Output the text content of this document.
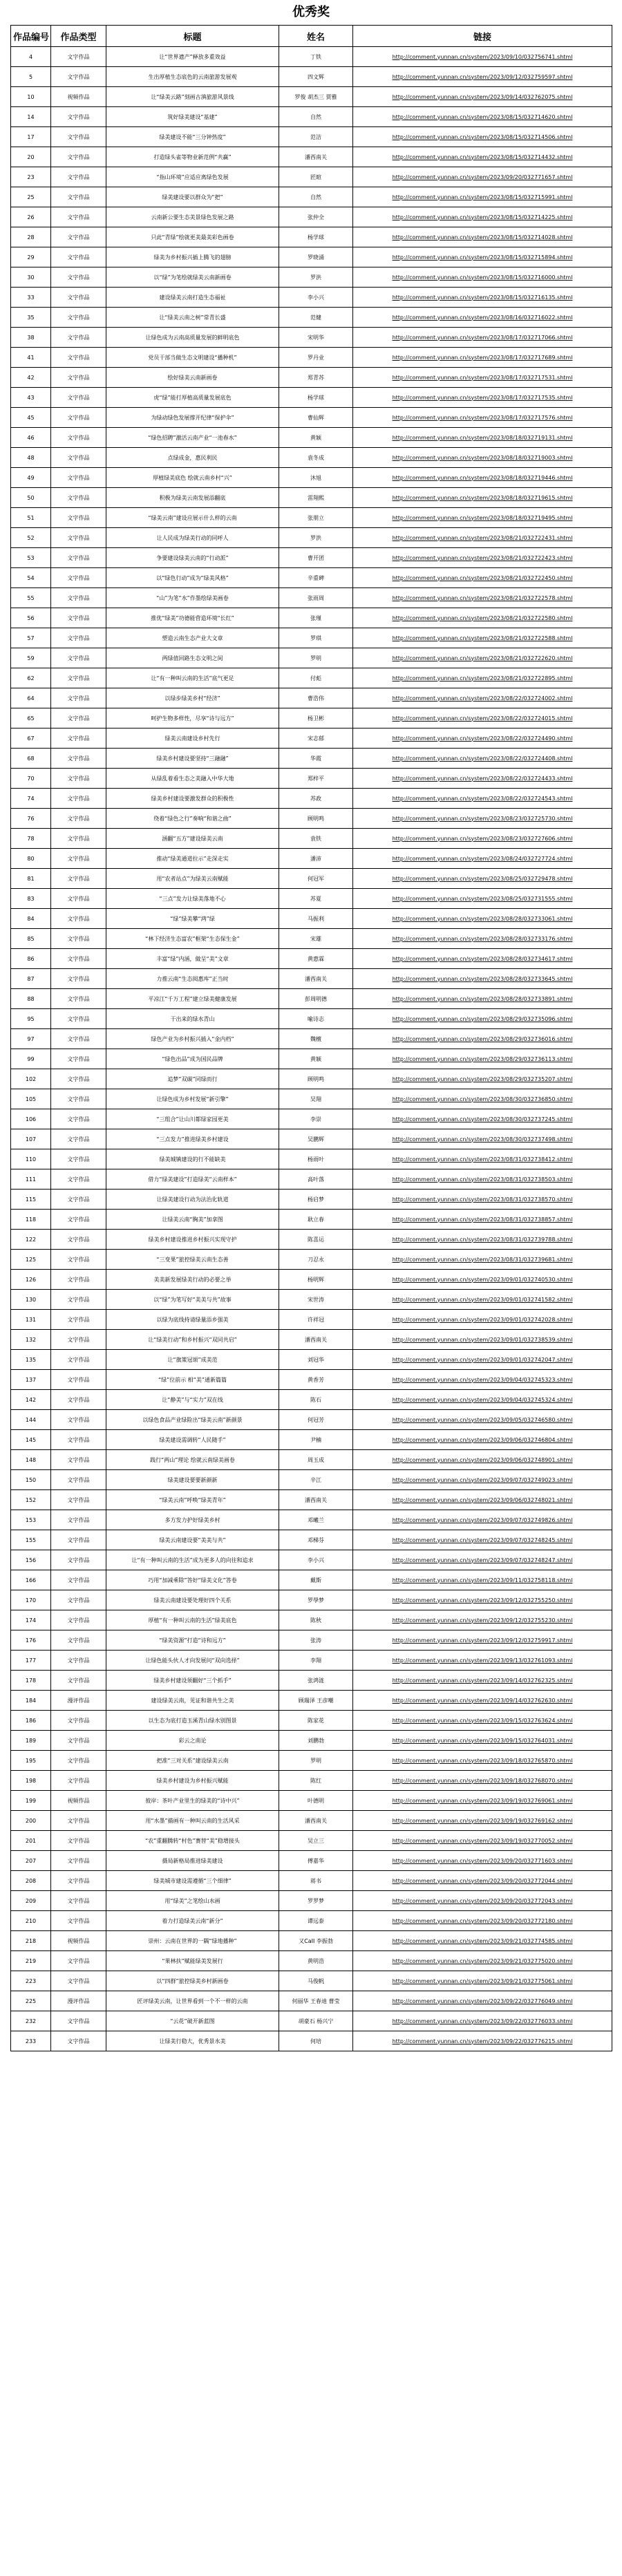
优秀奖
作品编号	作品类型	标题	姓名	链接
4	文字作品	让“世界遗产”释放多重效益	丁铁	http://comment.yunnan.cn/system/2023/09/10/032756741.shtml
5	文字作品	生出厚植生态底色的云南旅游发展观	四文辉	http://comment.yunnan.cn/system/2023/09/12/032759597.shtml
10	视频作品	让“绿美云路”刻画古滇旅游风景线	罗俊 胡杰三 贾雅	http://comment.yunnan.cn/system/2023/09/14/032762075.shtml
14	文字作品	筑好绿美建设“基建”	自然	http://comment.yunnan.cn/system/2023/08/15/032714620.shtml
17	文字作品	绿美建设不能“三分钟热度”	范洁	http://comment.yunnan.cn/system/2023/08/15/032714506.shtml
20	文字作品	打造绿头雀等物业新范例“共赢”	潘西南关	http://comment.yunnan.cn/system/2023/08/15/032714432.shtml
23	文字作品	“指山环境”应适应离绿色发展	匠暄	http://comment.yunnan.cn/system/2023/09/20/032771657.shtml
25	文字作品	绿美建设要以群众为“把”	自然	http://comment.yunnan.cn/system/2023/08/15/032715991.shtml
26	文字作品	云南新公要生态美景绿色发展之路	张仲全	http://comment.yunnan.cn/system/2023/08/15/032714225.shtml
28	文字作品	只此“青绿”绘就更美最美彩色画卷	杨学球	http://comment.yunnan.cn/system/2023/08/15/032714028.shtml
29	文字作品	绿美为乡村振兴插上腾飞的翅膀	罗晓涌	http://comment.yunnan.cn/system/2023/08/15/032715894.shtml
30	文字作品	以“绿”为笔绘就绿美云南新画卷	罗洪	http://comment.yunnan.cn/system/2023/08/15/032716000.shtml
33	文字作品	建设绿美云南打造生态福祉	李小兴	http://comment.yunnan.cn/system/2023/08/15/032716135.shtml
35	文字作品	让“绿美云南之树”常青长盛	范健	http://comment.yunnan.cn/system/2023/08/16/032716022.shtml
38	文字作品	让绿色成为云南高质量发展的鲜明底色	宋明华	http://comment.yunnan.cn/system/2023/08/17/032717066.shtml
41	文字作品	党员干部当做生态文明建设“播种机”	罗丹业	http://comment.yunnan.cn/system/2023/08/17/032717689.shtml
42	文字作品	绘好绿美云南新画卷	郑青苏	http://comment.yunnan.cn/system/2023/08/17/032717531.shtml
43	文字作品	虎“绿”能打厚植高质量发展底色	杨学球	http://comment.yunnan.cn/system/2023/08/17/032717535.shtml
45	文字作品	为绿动绿色发展撑开纪律“保护伞”	曹仙辉	http://comment.yunnan.cn/system/2023/08/17/032717576.shtml
46	文字作品	“绿色招聘”激活云南产业“一池春水”	黄颖	http://comment.yunnan.cn/system/2023/08/18/032719131.shtml
48	文字作品	点绿成金，惠民利民	袁冬成	http://comment.yunnan.cn/system/2023/08/18/032719003.shtml
49	文字作品	厚植绿美底色 绘就云南乡村“兴”	沐旭	http://comment.yunnan.cn/system/2023/08/18/032719446.shtml
50	文字作品	积极为绿美云南发展添翻底	雷翔熙	http://comment.yunnan.cn/system/2023/08/18/032719615.shtml
51	文字作品	“绿美云南”建设应展示什么样的云南	张朋立	http://comment.yunnan.cn/system/2023/08/18/032719495.shtml
52	文字作品	让人民成为绿美行动的同呼人	罗洪	http://comment.yunnan.cn/system/2023/08/21/032722431.shtml
53	文字作品	争要建设绿美云南的“行动派”	曹开团	http://comment.yunnan.cn/system/2023/08/21/032722423.shtml
54	文字作品	以“绿色行动”成为“绿美风格”	辛重碑	http://comment.yunnan.cn/system/2023/08/21/032722450.shtml
55	文字作品	“山”为笔“水”作墨绘绿美画卷	张雨周	http://comment.yunnan.cn/system/2023/08/21/032722578.shtml
56	文字作品	推优“绿美”功德能营造环境“长红”	张瑾	http://comment.yunnan.cn/system/2023/08/21/032722580.shtml
57	文字作品	塑造云南生态产业大文章	罗琪	http://comment.yunnan.cn/system/2023/08/21/032722588.shtml
59	文字作品	两绿值回路生态文明之间	罗明	http://comment.yunnan.cn/system/2023/08/21/032722620.shtml
62	文字作品	让“有一种叫云南的生活”底气更足	付彪	http://comment.yunnan.cn/system/2023/08/21/032722895.shtml
64	文字作品	以绿步绿美乡村“经济”	曹浩伟	http://comment.yunnan.cn/system/2023/08/22/032724002.shtml
65	文字作品	呵护生物多样性，尽享“诗与远方”	杨卫彬	http://comment.yunnan.cn/system/2023/08/22/032724015.shtml
67	文字作品	绿美云南建设乡村先行	宋志郁	http://comment.yunnan.cn/system/2023/08/22/032724490.shtml
68	文字作品	绿美乡村建设要坚持“三融融”	华霞	http://comment.yunnan.cn/system/2023/08/22/032724408.shtml
70	文字作品	从绿乱着看生态之美融入中华大地	郑梓平	http://comment.yunnan.cn/system/2023/08/22/032724433.shtml
74	文字作品	绿美乡村建设要激发群众的积极性	苏政	http://comment.yunnan.cn/system/2023/08/22/032724543.shtml
76	文字作品	绕着“绿色之行”奏响“和谐之曲”	顾明鸣	http://comment.yunnan.cn/system/2023/08/23/032725730.shtml
78	文字作品	涵翻“五方”建设绿美云南	袁铁	http://comment.yunnan.cn/system/2023/08/23/032727606.shtml
80	文字作品	推动“绿美通道拉示”走深走实	潘沛	http://comment.yunnan.cn/system/2023/08/24/032727724.shtml
81	文字作品	用“农者站点”为绿美云南赋能	何冠军	http://comment.yunnan.cn/system/2023/08/25/032729478.shtml
83	文字作品	“三点”发力让绿美落地不心	苏夏	http://comment.yunnan.cn/system/2023/08/25/032731555.shtml
84	文字作品	“绿”绿美攀“鸿”绿	马振利	http://comment.yunnan.cn/system/2023/08/28/032733061.shtml
85	文字作品	“林下经济生态富农”框架“生态保生金”	宋雄	http://comment.yunnan.cn/system/2023/08/28/032733176.shtml
86	文字作品	丰富“绿”内涵，做呈“美”文章	黄惠霖	http://comment.yunnan.cn/system/2023/08/28/032734617.shtml
87	文字作品	力推云南“生态阅惠库”正当时	潘西南关	http://comment.yunnan.cn/system/2023/08/28/032733645.shtml
88	文字作品	平凉江“千万工程”建立绿美健康发展	彭周明德	http://comment.yunnan.cn/system/2023/08/28/032733891.shtml
95	文字作品	干出来的绿水青山	喻诗志	http://comment.yunnan.cn/system/2023/08/29/032735096.shtml
97	文字作品	绿色产业为乡村振兴插入“金内档”	魏檀	http://comment.yunnan.cn/system/2023/08/29/032736016.shtml
99	文字作品	“绿色出品”成为国民品牌	黄颖	http://comment.yunnan.cn/system/2023/08/29/032736113.shtml
102	文字作品	追梦“双碳”同绿而行	顾明鸣	http://comment.yunnan.cn/system/2023/08/29/032735207.shtml
105	文字作品	让绿色成为乡村发展“新引擎”	吴翔	http://comment.yunnan.cn/system/2023/08/30/032736850.shtml
106	文字作品	“三组合”让山川都绿家园更美	李崇	http://comment.yunnan.cn/system/2023/08/30/032737245.shtml
107	文字作品	“三点发力”推进绿美乡村建设	吴鹏辉	http://comment.yunnan.cn/system/2023/08/30/032737498.shtml
110	文字作品	绿美城镇建设的行不能缺美	杨雨叶	http://comment.yunnan.cn/system/2023/08/31/032738412.shtml
111	文字作品	借力“绿美建设”打造绿美“云南样本”	高叶落	http://comment.yunnan.cn/system/2023/08/31/032738503.shtml
115	文字作品	让绿美建设行动为法治化轨道	杨启梦	http://comment.yunnan.cn/system/2023/08/31/032738570.shtml
118	文字作品	让绿美云南“胸美”加拿图	耿立春	http://comment.yunnan.cn/system/2023/08/31/032738857.shtml
122	文字作品	绿美乡村建设推进乡村振兴实现守护	陈喜运	http://comment.yunnan.cn/system/2023/08/31/032739788.shtml
125	文字作品	“三变果”旅控绿美云南生态善	刀忍永	http://comment.yunnan.cn/system/2023/08/31/032739681.shtml
126	文字作品	美美新发展绿美行动的必要之举	杨明辉	http://comment.yunnan.cn/system/2023/09/01/032740530.shtml
130	文字作品	以“绿”为笔写好“美美与共”故事	宋世涛	http://comment.yunnan.cn/system/2023/09/01/032741582.shtml
131	文字作品	以绿为底线持请绿量添乡强美	许祥冠	http://comment.yunnan.cn/system/2023/09/01/032742028.shtml
132	文字作品	让“绿美行动”和乡村振兴“双同共启”	潘西南关	http://comment.yunnan.cn/system/2023/09/01/032738539.shtml
135	文字作品	让“旗策冠颂”成美范	刘冠华	http://comment.yunnan.cn/system/2023/09/01/032742047.shtml
137	文字作品	“绿”位前示 相“美”通新篇篇	黄香芳	http://comment.yunnan.cn/system/2023/09/04/032745323.shtml
142	文字作品	让“静美”与“实力”双在线	陈石	http://comment.yunnan.cn/system/2023/09/04/032745324.shtml
144	文字作品	以绿色食品产业绿险出“绿美云南”新颜景	何冠芳	http://comment.yunnan.cn/system/2023/09/05/032746580.shtml
145	文字作品	绿美建设需调转“人民随手”	尹楠	http://comment.yunnan.cn/system/2023/09/06/032746804.shtml
148	文字作品	践行“两山”理论 绘就云南绿美画卷	周玉成	http://comment.yunnan.cn/system/2023/09/06/032748901.shtml
150	文字作品	绿美建设要要新颜新	辛江	http://comment.yunnan.cn/system/2023/09/07/032749023.shtml
152	文字作品	“绿美云南”呼唤“绿美青年”	潘西南关	http://comment.yunnan.cn/system/2023/09/06/032748021.shtml
153	文字作品	多方发力护好绿美乡村	邓曦兰	http://comment.yunnan.cn/system/2023/09/07/032749826.shtml
155	文字作品	绿美云南建设要“美美与共”	邓梯芬	http://comment.yunnan.cn/system/2023/09/07/032748245.shtml
156	文字作品	让“有一种叫云南的生活”成为更多人的向往和追求	李小兴	http://comment.yunnan.cn/system/2023/09/07/032748247.shtml
166	文字作品	巧用“加减乘除”答好“绿美文化”答卷	戴斯	http://comment.yunnan.cn/system/2023/09/11/032758118.shtml
170	文字作品	绿美云南建设要处理好四个关系	罗學梦	http://comment.yunnan.cn/system/2023/09/12/032755250.shtml
174	文字作品	厚植“有一种叫云南的生活”绿美底色	陈秋	http://comment.yunnan.cn/system/2023/09/12/032755230.shtml
176	文字作品	“绿美资源”打造“诗和远方”	张涛	http://comment.yunnan.cn/system/2023/09/12/032759917.shtml
177	文字作品	让绿色能头伙人才向发展问“双向选择”	李翔	http://comment.yunnan.cn/system/2023/09/13/032761093.shtml
178	文字作品	绿美乡村建设须翻好“三个抓手”	张鸿涟	http://comment.yunnan.cn/system/2023/09/14/032762325.shtml
184	漫评作品	建设绿美云南，见证和谐共生之美	顾瑞泽 王彦嘲	http://comment.yunnan.cn/system/2023/09/14/032762630.shtml
186	文字作品	以生态为底打造玉溪青山绿水别图景	陈家花	http://comment.yunnan.cn/system/2023/09/15/032763624.shtml
189	文字作品	彩云之南论	刘鹏勃	http://comment.yunnan.cn/system/2023/09/15/032764031.shtml
195	文字作品	把准“三对关系”建设绿美云南	罗明	http://comment.yunnan.cn/system/2023/09/18/032765870.shtml
198	文字作品	绿美乡村建设为乡村振兴赋能	陈红	http://comment.yunnan.cn/system/2023/09/18/032768070.shtml
199	视频作品	彼岸：茶叶产业里生的绿美的“诗中兴”	叶德明	http://comment.yunnan.cn/system/2023/09/19/032769061.shtml
200	文字作品	用“水墨”描画有一种叫云南的生活风采	潘西南关	http://comment.yunnan.cn/system/2023/09/19/032769162.shtml
201	文字作品	“农”重翻腾转“村色”赛替“美”稳增接头	吴立三	http://comment.yunnan.cn/system/2023/09/19/032770052.shtml
207	文字作品	摄局新格局推进绿美建设	傅嘉华	http://comment.yunnan.cn/system/2023/09/20/032771603.shtml
208	文字作品	绿美城市建设需遵循“三个细律”	蒋书	http://comment.yunnan.cn/system/2023/09/20/032772044.shtml
209	文字作品	用“绿美”之笔绘山水画	罗罗梦	http://comment.yunnan.cn/system/2023/09/20/032772043.shtml
210	文字作品	着力打造绿美云南“新分”	谭远泰	http://comment.yunnan.cn/system/2023/09/20/032772180.shtml
218	视频作品	崇州：云南在世界的一隅“绿地播种”	又CaII 李振勃	http://comment.yunnan.cn/system/2023/09/21/032774585.shtml
219	文字作品	“果林扶”赋能绿美发展行	黄明浩	http://comment.yunnan.cn/system/2023/09/21/032775020.shtml
223	文字作品	以“四群”旅控绿美乡村新画卷	马俊帆	http://comment.yunnan.cn/system/2023/09/21/032775061.shtml
225	漫评作品	匠评绿美云南，让世界看到一个不一样的云南	何丽华 王春迪 曹莹	http://comment.yunnan.cn/system/2023/09/22/032776049.shtml
232	文字作品	“云花”破开新蓝图	胡豪石 杨兴宁	http://comment.yunnan.cn/system/2023/09/22/032776033.shtml
233	文字作品	让绿美行稳大，优秀景水美	何培	http://comment.yunnan.cn/system/2023/09/22/032776215.shtml
